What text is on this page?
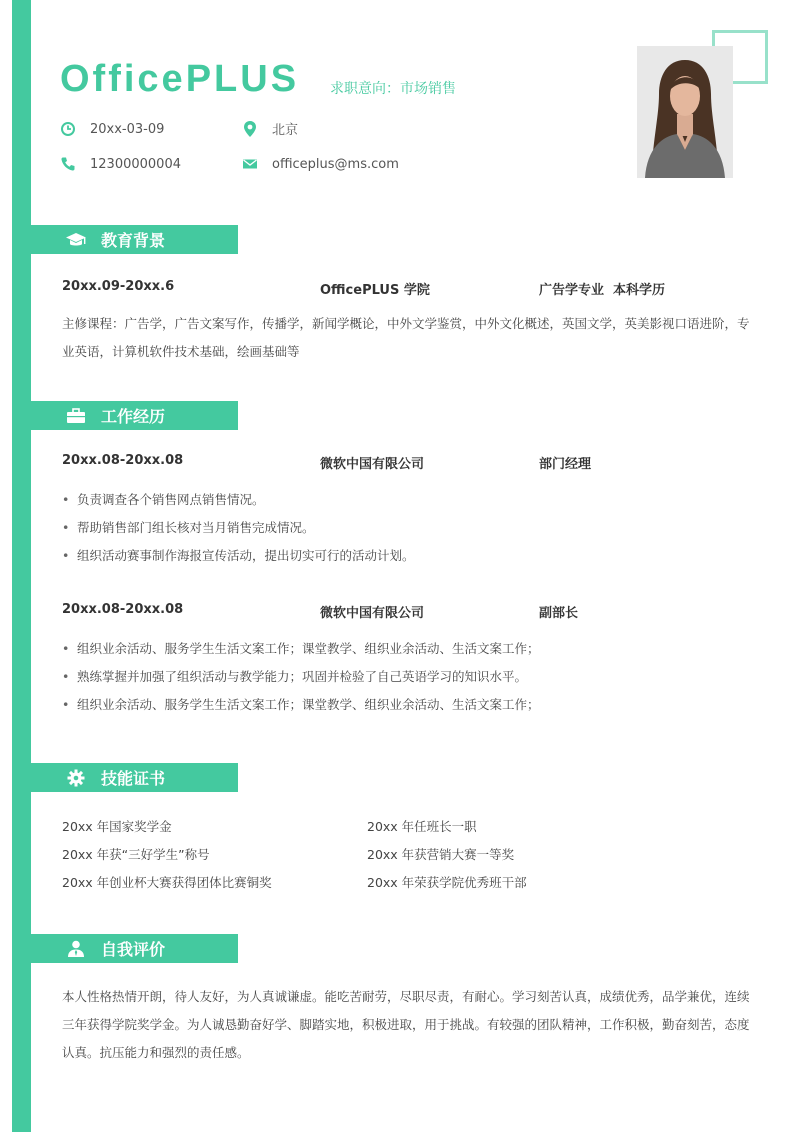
OfficePLUS 求职意向：市场销售
20xx-03-09	北京
12300000004	officeplus@ms.com
教育背景
20xx.09-20xx.6	OfficePLUS 学院	广告学专业  本科学历
主修课程：广告学，广告文案写作，传播学，新闻学概论，中外文学鉴赏，中外文化概述，英国文学，英美影视口语进阶，专业英语，计算机软件技术基础，绘画基础等
工作经历
20xx.08-20xx.08	微软中国有限公司	部门经理
• 负责调查各个销售网点销售情况。
• 帮助销售部门组长核对当月销售完成情况。
• 组织活动赛事制作海报宣传活动，提出切实可行的活动计划。
20xx.08-20xx.08	微软中国有限公司	副部长
• 组织业余活动、服务学生生活文案工作；课堂教学、组织业余活动、生活文案工作；
• 熟练掌握并加强了组织活动与教学能力；巩固并检验了自己英语学习的知识水平。
• 组织业余活动、服务学生生活文案工作；课堂教学、组织业余活动、生活文案工作；
技能证书
20xx 年国家奖学金	20xx 年任班长一职
20xx 年获“三好学生”称号	20xx 年获营销大赛一等奖
20xx 年创业杯大赛获得团体比赛铜奖	20xx 年荣获学院优秀班干部
自我评价
本人性格热情开朗，待人友好，为人真诚谦虚。能吃苦耐劳，尽职尽责，有耐心。学习刻苦认真，成绩优秀，品学兼优，连续三年获得学院奖学金。为人诚恳勤奋好学、脚踏实地，积极进取，用于挑战。有较强的团队精神，工作积极，勤奋刻苦，态度认真。抗压能力和强烈的责任感。
